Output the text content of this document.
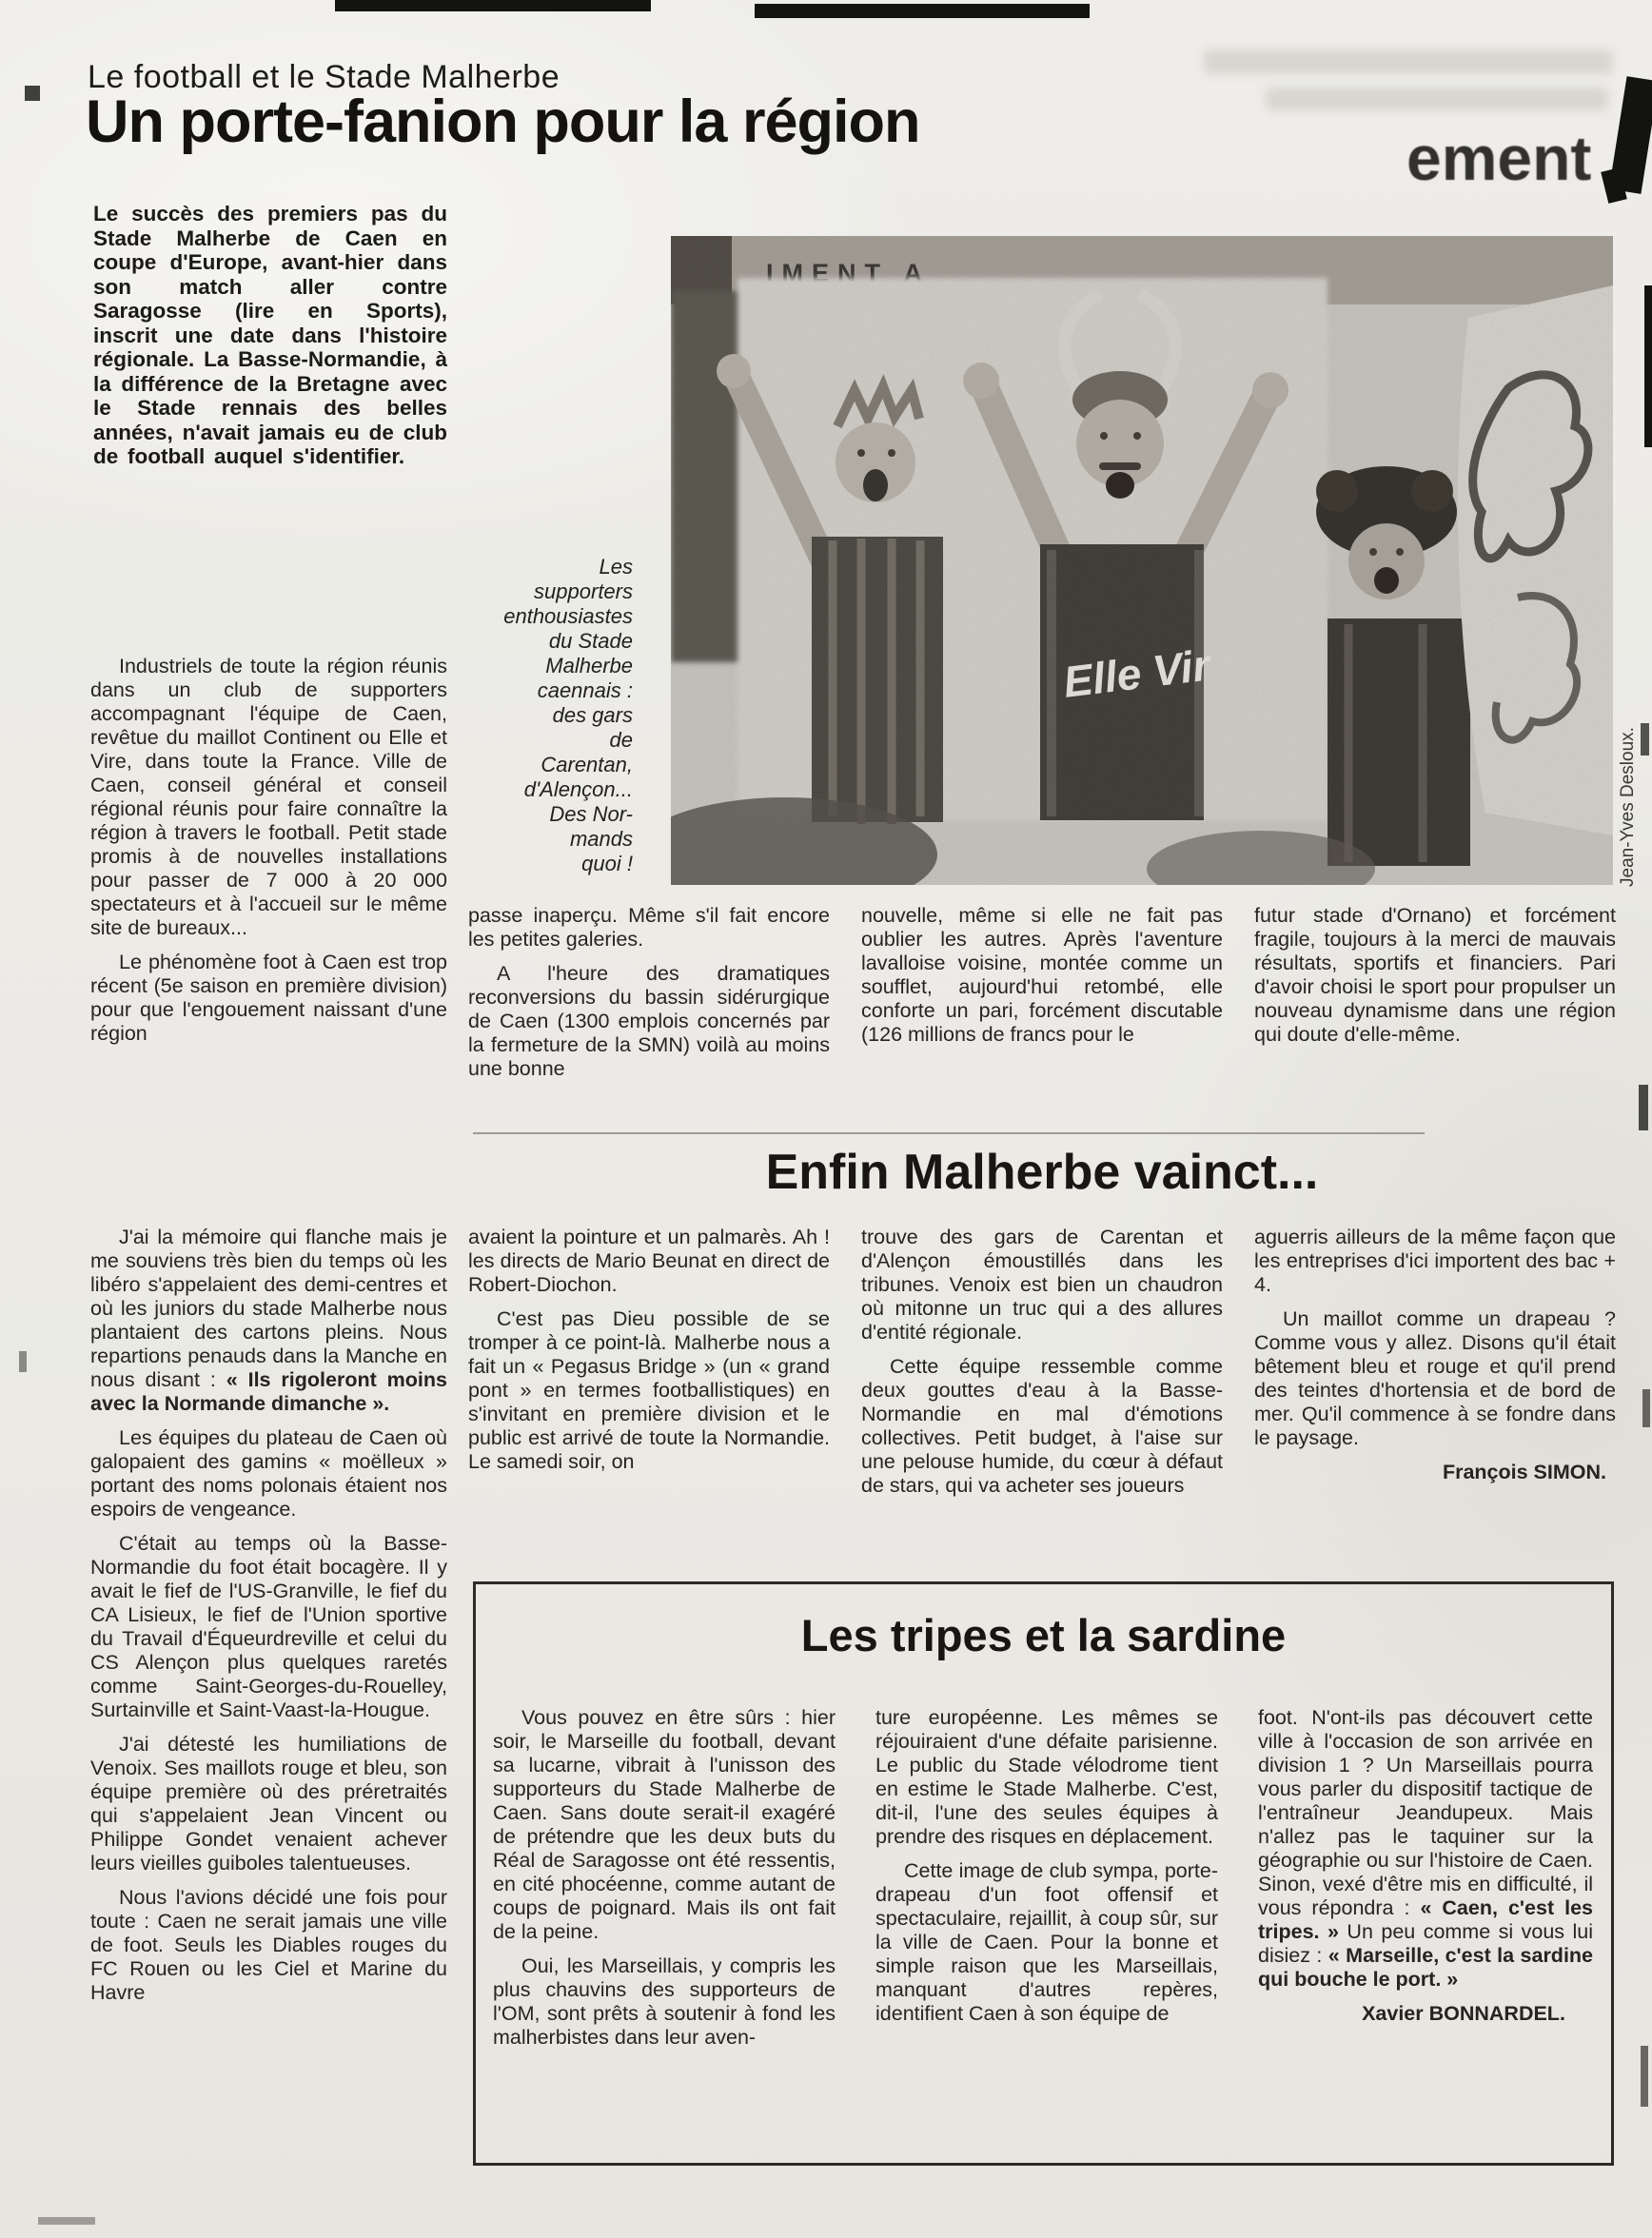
ement
Le football et le Stade Malherbe
Un porte-fanion pour la région
Le succès des premiers pas du Stade Malherbe de Caen en coupe d'Europe, avant-hier dans son match aller contre Saragosse (lire en Sports), inscrit une date dans l'histoire régionale. La Basse-Normandie, à la différence de la Bretagne avec le Stade rennais des belles années, n'avait jamais eu de club de football auquel s'identifier.

Industriels de toute la région réunis dans un club de supporters accompagnant l'équipe de Caen, revêtue du maillot Continent ou Elle et Vire, dans toute la France. Ville de Caen, conseil général et conseil régional réunis pour faire connaître la région à travers le football. Petit stade promis à de nouvelles installations pour passer de 7 000 à 20 000 spectateurs et à l'accueil sur le même site de bureaux...

Le phénomène foot à Caen est trop récent (5e saison en première division) pour que l'engouement naissant d'une région

Les
supporters
enthousiastes
du Stade
Malherbe
caennais :
des gars
de
Carentan,
d'Alençon...
Des Nor-
mands
quoi !	Jean-Yves Desloux.

passe inaperçu. Même s'il fait encore les petites galeries.

A l'heure des dramatiques reconversions du bassin sidérurgique de Caen (1300 emplois concernés par la fermeture de la SMN) voilà au moins une bonne

nouvelle, même si elle ne fait pas oublier les autres. Après l'aventure lavalloise voisine, montée comme un soufflet, aujourd'hui retombé, elle conforte un pari, forcément discutable (126 millions de francs pour le

futur stade d'Ornano) et forcément fragile, toujours à la merci de mauvais résultats, sportifs et financiers. Pari d'avoir choisi le sport pour propulser un nouveau dynamisme dans une région qui doute d'elle-même.

Enfin Malherbe vainct...

J'ai la mémoire qui flanche mais je me souviens très bien du temps où les libéro s'appelaient des demi-centres et où les juniors du stade Malherbe nous plantaient des cartons pleins. Nous repartions penauds dans la Manche en nous disant : « Ils rigoleront moins avec la Normande dimanche ».

Les équipes du plateau de Caen où galopaient des gamins « moëlleux » portant des noms polonais étaient nos espoirs de vengeance.

C'était au temps où la Basse-Normandie du foot était bocagère. Il y avait le fief de l'US-Granville, le fief du CA Lisieux, le fief de l'Union sportive du Travail d'Équeurdreville et celui du CS Alençon plus quelques raretés comme Saint-Georges-du-Rouelley, Surtainville et Saint-Vaast-la-Hougue.

J'ai détesté les humiliations de Venoix. Ses maillots rouge et bleu, son équipe première où des préretraités qui s'appelaient Jean Vincent ou Philippe Gondet venaient achever leurs vieilles guiboles talentueuses.

Nous l'avions décidé une fois pour toute : Caen ne serait jamais une ville de foot. Seuls les Diables rouges du FC Rouen ou les Ciel et Marine du Havre

avaient la pointure et un palmarès. Ah ! les directs de Mario Beunat en direct de Robert-Diochon.

C'est pas Dieu possible de se tromper à ce point-là. Malherbe nous a fait un « Pegasus Bridge » (un « grand pont » en termes footballistiques) en s'invitant en première division et le public est arrivé de toute la Normandie. Le samedi soir, on

trouve des gars de Carentan et d'Alençon émoustillés dans les tribunes. Venoix est bien un chaudron où mitonne un truc qui a des allures d'entité régionale.

Cette équipe ressemble comme deux gouttes d'eau à la Basse-Normandie en mal d'émotions collectives. Petit budget, à l'aise sur une pelouse humide, du cœur à défaut de stars, qui va acheter ses joueurs

aguerris ailleurs de la même façon que les entreprises d'ici importent des bac + 4.

Un maillot comme un drapeau ? Comme vous y allez. Disons qu'il était bêtement bleu et rouge et qu'il prend des teintes d'hortensia et de bord de mer. Qu'il commence à se fondre dans le paysage.

François SIMON.

Les tripes et la sardine

Vous pouvez en être sûrs : hier soir, le Marseille du football, devant sa lucarne, vibrait à l'unisson des supporteurs du Stade Malherbe de Caen. Sans doute serait-il exagéré de prétendre que les deux buts du Réal de Saragosse ont été ressentis, en cité phocéenne, comme autant de coups de poignard. Mais ils ont fait de la peine.

Oui, les Marseillais, y compris les plus chauvins des supporteurs de l'OM, sont prêts à soutenir à fond les malherbistes dans leur aven-

ture européenne. Les mêmes se réjouiraient d'une défaite parisienne. Le public du Stade vélodrome tient en estime le Stade Malherbe. C'est, dit-il, l'une des seules équipes à prendre des risques en déplacement.

Cette image de club sympa, porte-drapeau d'un foot offensif et spectaculaire, rejaillit, à coup sûr, sur la ville de Caen. Pour la bonne et simple raison que les Marseillais, manquant d'autres repères, identifient Caen à son équipe de

foot. N'ont-ils pas découvert cette ville à l'occasion de son arrivée en division 1 ? Un Marseillais pourra vous parler du dispositif tactique de l'entraîneur Jeandupeux. Mais n'allez pas le taquiner sur la géographie ou sur l'histoire de Caen. Sinon, vexé d'être mis en difficulté, il vous répondra : « Caen, c'est les tripes. » Un peu comme si vous lui disiez : « Marseille, c'est la sardine qui bouche le port. »

Xavier BONNARDEL.
